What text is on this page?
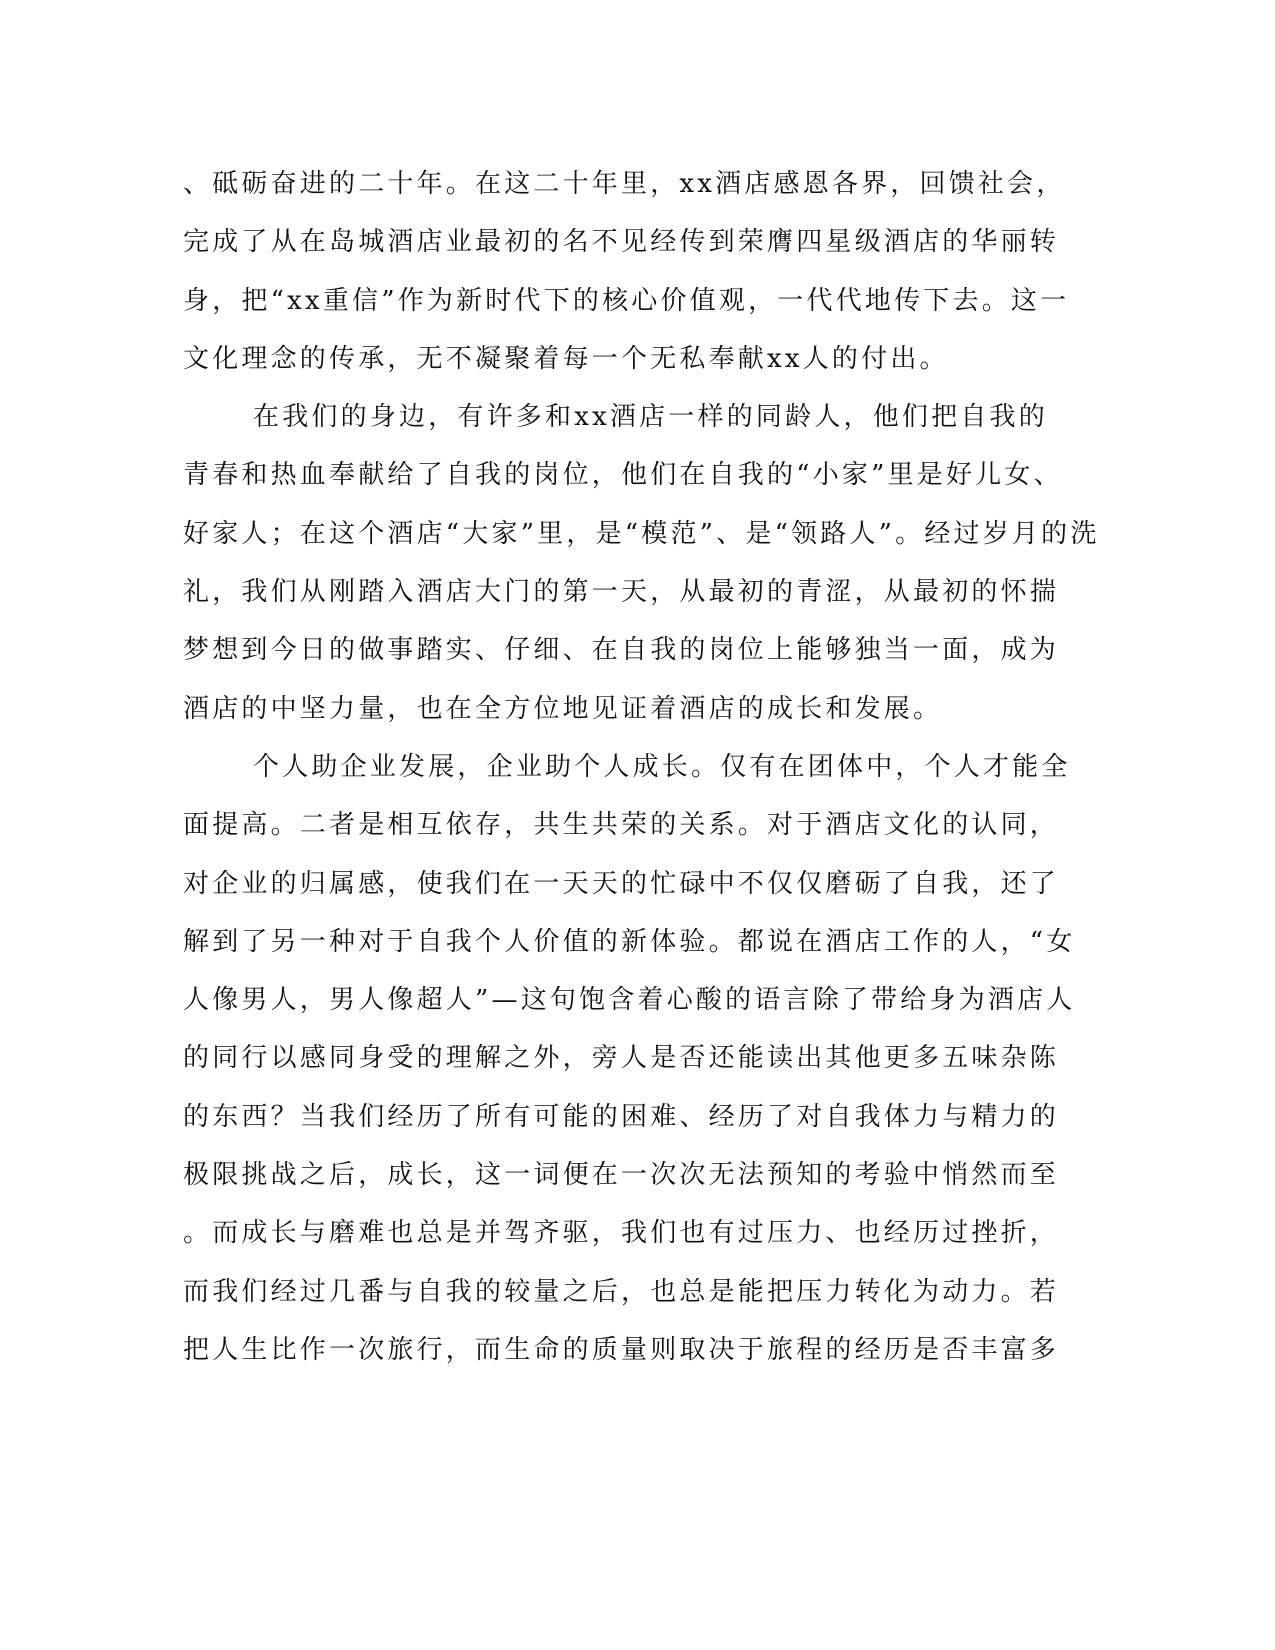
、砥砺奋进的二十年。在这二十年里，xx酒店感恩各界，回馈社会，
完成了从在岛城酒店业最初的名不见经传到荣膺四星级酒店的华丽转
身，把“xx重信”作为新时代下的核心价值观，一代代地传下去。这一
文化理念的传承，无不凝聚着每一个无私奉献xx人的付出。
在我们的身边，有许多和xx酒店一样的同龄人，他们把自我的
青春和热血奉献给了自我的岗位，他们在自我的“小家”里是好儿女、
好家人；在这个酒店“大家”里，是“模范”、是“领路人”。经过岁月的洗
礼，我们从刚踏入酒店大门的第一天，从最初的青涩，从最初的怀揣
梦想到今日的做事踏实、仔细、在自我的岗位上能够独当一面，成为
酒店的中坚力量，也在全方位地见证着酒店的成长和发展。
个人助企业发展，企业助个人成长。仅有在团体中，个人才能全
面提高。二者是相互依存，共生共荣的关系。对于酒店文化的认同，
对企业的归属感，使我们在一天天的忙碌中不仅仅磨砺了自我，还了
解到了另一种对于自我个人价值的新体验。都说在酒店工作的人，“女
人像男人，男人像超人”—这句饱含着心酸的语言除了带给身为酒店人
的同行以感同身受的理解之外，旁人是否还能读出其他更多五味杂陈
的东西？当我们经历了所有可能的困难、经历了对自我体力与精力的
极限挑战之后，成长，这一词便在一次次无法预知的考验中悄然而至
。而成长与磨难也总是并驾齐驱，我们也有过压力、也经历过挫折，
而我们经过几番与自我的较量之后，也总是能把压力转化为动力。若
把人生比作一次旅行，而生命的质量则取决于旅程的经历是否丰富多
